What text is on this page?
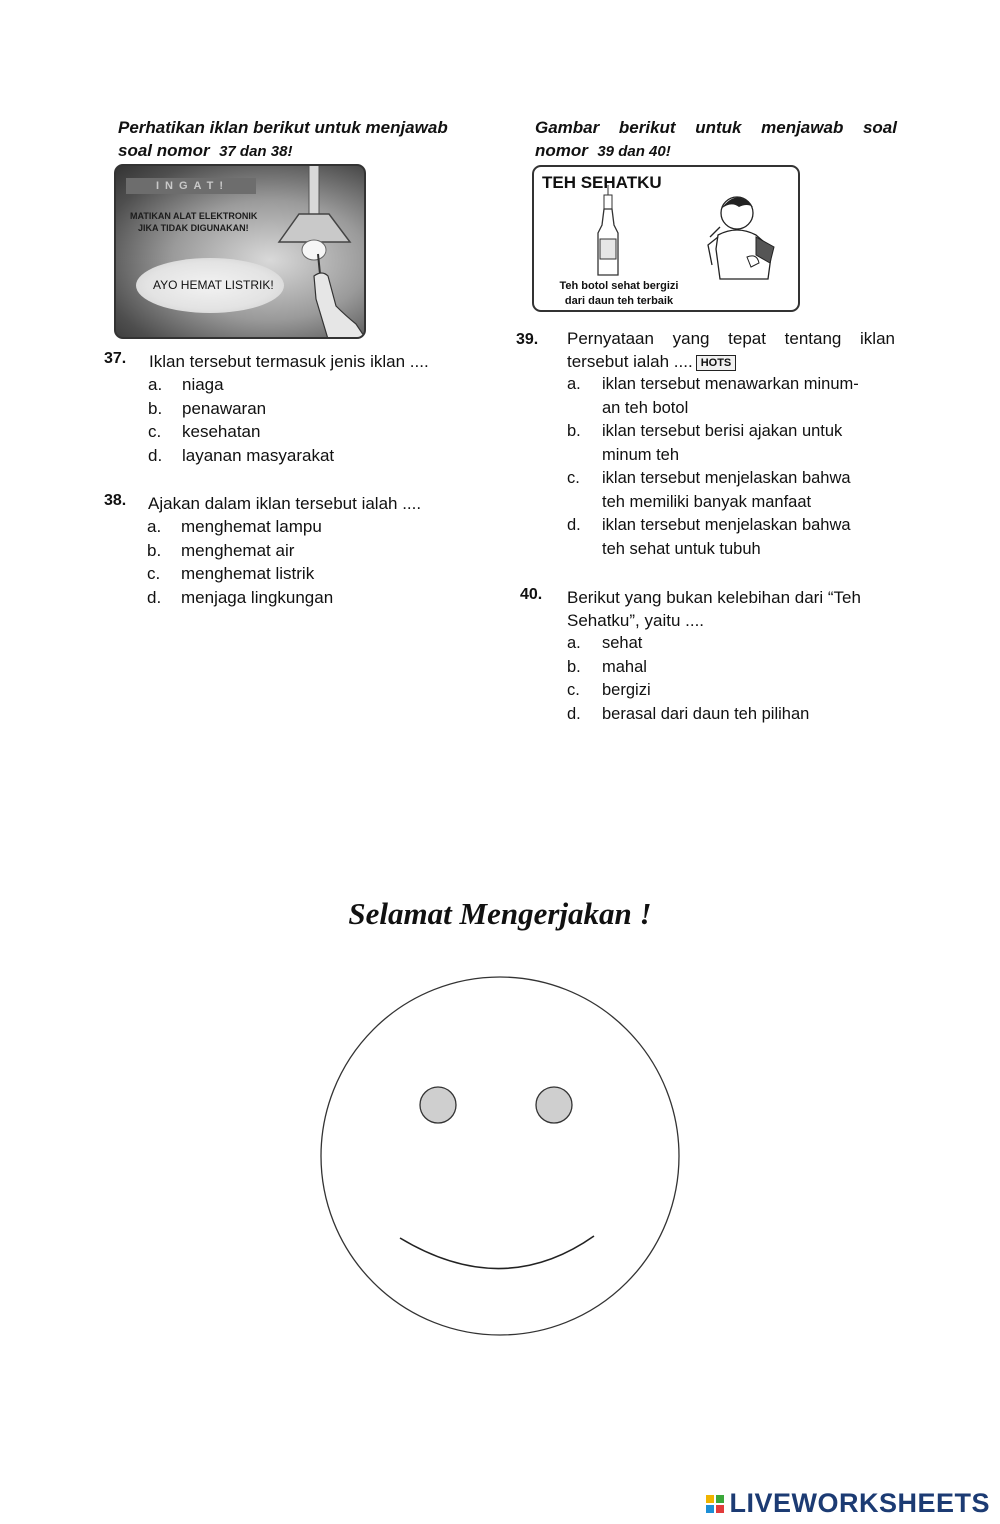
Perhatikan iklan berikut untuk menjawab
soal nomor 37 dan 38!
INGAT!
MATIKAN ALAT ELEKTRONIK
JIKA TIDAK DIGUNAKAN!
AYO HEMAT LISTRIK!
37.	Iklan tersebut termasuk jenis iklan ....
a.	niaga
b.	penawaran
c.	kesehatan
d.	layanan masyarakat
38.	Ajakan dalam iklan tersebut ialah ....
a.	menghemat lampu
b.	menghemat air
c.	menghemat listrik
d.	menjaga lingkungan
Gambar berikut untuk menjawab soal
nomor 39 dan 40!
TEH SEHATKU
Teh botol sehat bergizi
dari daun teh terbaik
39.	Pernyataan yang tepat tentang iklan
tersebut ialah .... HOTS
a.	iklan tersebut menawarkan minum-
an teh botol
b.	iklan tersebut berisi ajakan untuk
minum teh
c.	iklan tersebut menjelaskan bahwa
teh memiliki banyak manfaat
d.	iklan tersebut menjelaskan bahwa
teh sehat untuk tubuh
40.	Berikut yang bukan kelebihan dari “Teh
Sehatku”, yaitu ....
a.	sehat
b.	mahal
c.	bergizi
d.	berasal dari daun teh pilihan
Selamat Mengerjakan !
LIVEWORKSHEETS
